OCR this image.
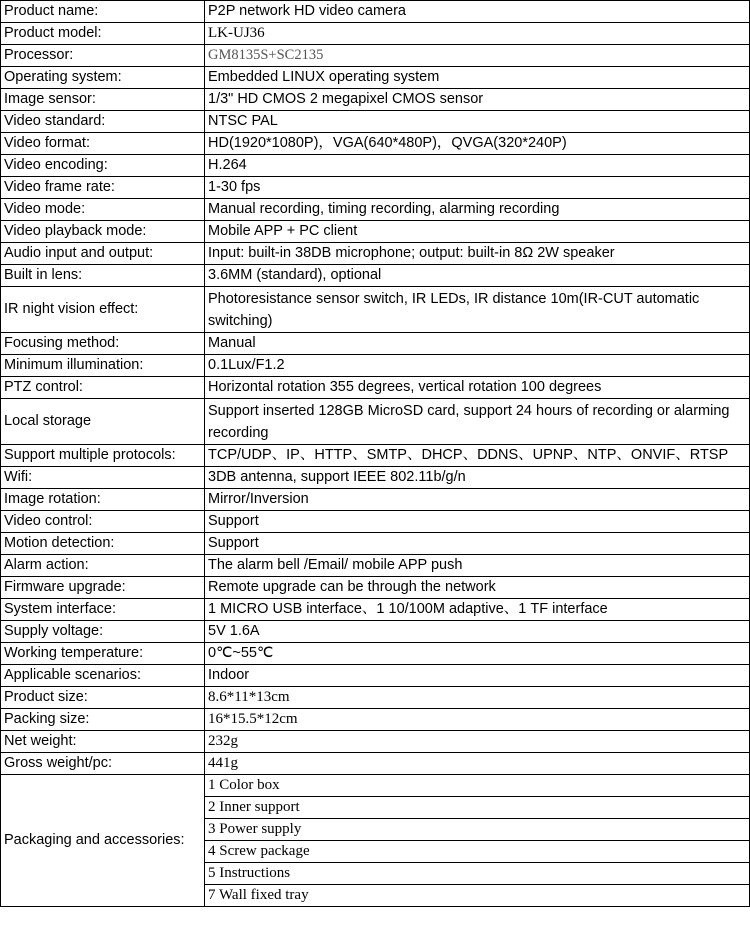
Product name:	P2P network HD video camera
Product model:	LK-UJ36
Processor:	GM8135S+SC2135
Operating system:	Embedded LINUX operating system
Image sensor:	1/3" HD CMOS 2 megapixel CMOS sensor
Video standard:	NTSC PAL
Video format:	HD(1920*1080P)，VGA(640*480P)，QVGA(320*240P)
Video encoding:	H.264
Video frame rate:	1-30 fps
Video mode:	Manual recording, timing recording, alarming recording
Video playback mode:	Mobile APP + PC client
Audio input and output:	Input: built-in 38DB microphone; output: built-in 8Ω 2W speaker
Built in lens:	3.6MM (standard), optional
IR night vision effect:	Photoresistance sensor switch, IR LEDs, IR distance 10m(IR-CUT automatic switching)
Focusing method:	Manual
Minimum illumination:	0.1Lux/F1.2
PTZ control:	Horizontal rotation 355 degrees, vertical rotation 100 degrees
Local storage	Support inserted 128GB MicroSD card, support 24 hours of recording or alarming recording
Support multiple protocols:	TCP/UDP、IP、HTTP、SMTP、DHCP、DDNS、UPNP、NTP、ONVIF、RTSP
Wifi:	3DB antenna, support IEEE 802.11b/g/n
Image rotation:	Mirror/Inversion
Video control:	Support
Motion detection:	Support
Alarm action:	The alarm bell /Email/ mobile APP push
Firmware upgrade:	Remote upgrade can be through the network
System interface:	1 MICRO USB interface、1 10/100M adaptive、1 TF interface
Supply voltage:	5V 1.6A
Working temperature:	0℃~55℃
Applicable scenarios:	Indoor
Product size:	8.6*11*13cm
Packing size:	16*15.5*12cm
Net weight:	232g
Gross weight/pc:	441g
Packaging and accessories:	1 Color box
	2 Inner support
	3 Power supply
	4 Screw package
	5 Instructions
	7 Wall fixed tray
